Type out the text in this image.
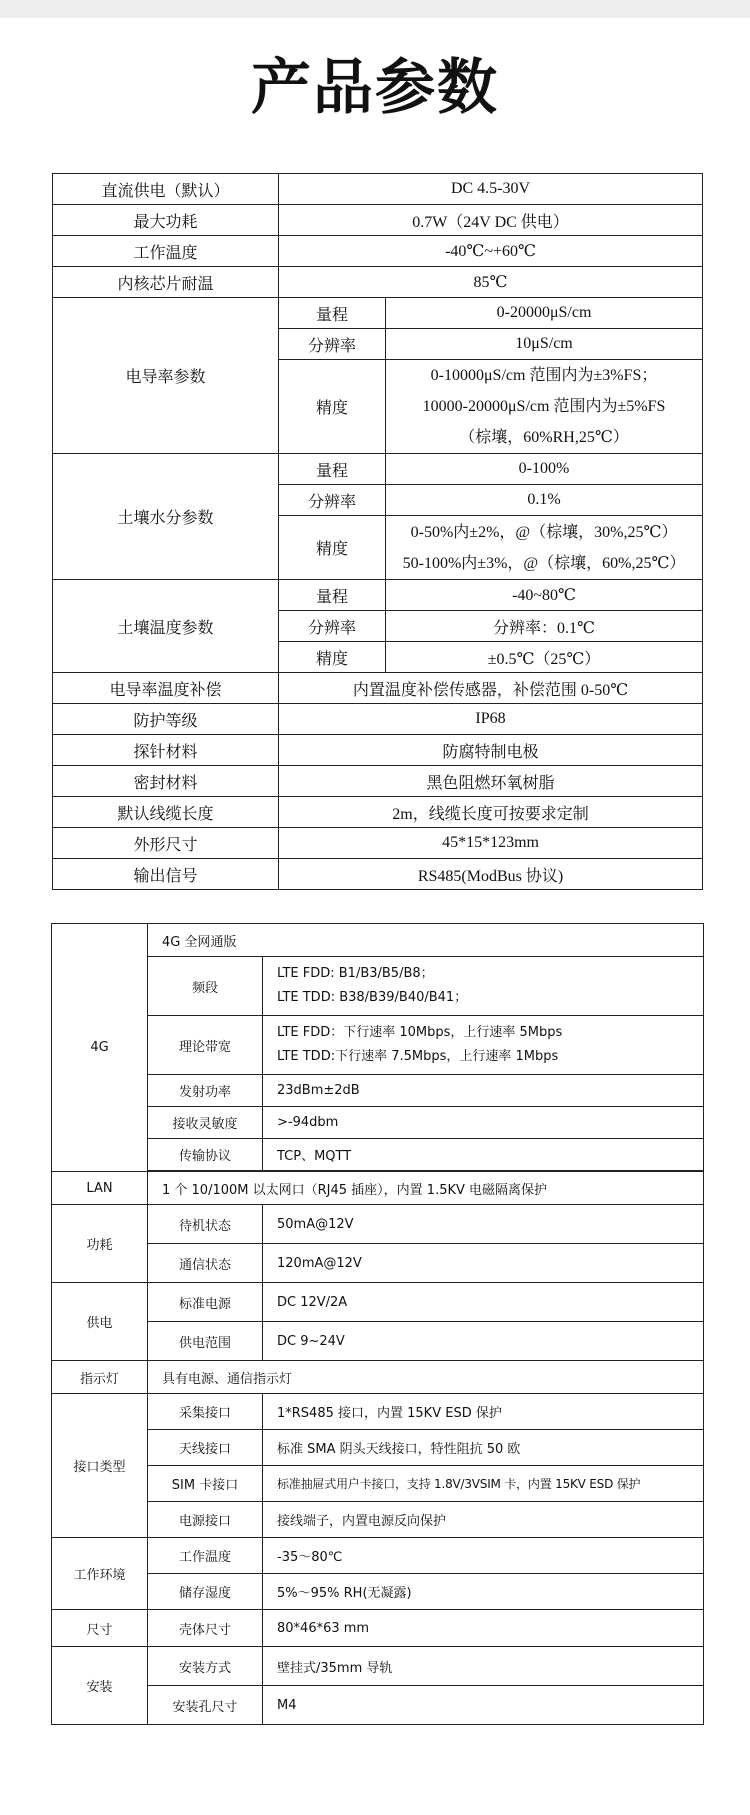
产品参数
直流供电（默认）	DC 4.5-30V	
最大功耗	0.7W（24V DC 供电）	
工作温度	-40℃~+60℃	
内核芯片耐温	85℃	
电导率参数	量程	0-20000μS/cm
	分辨率	10μS/cm
	精度	0-10000μS/cm 范围内为±3%FS；
10000-20000μS/cm 范围内为±5%FS
（棕壤，60%RH,25℃）

土壤水分参数	量程	0-100%
	分辨率	0.1%
	精度	0-50%内±2%，@（棕壤，30%,25℃）
50-100%内±3%，@（棕壤，60%,25℃）

土壤温度参数	量程	-40~80℃
	分辨率	分辨率：0.1℃
	精度	±0.5℃（25℃）
电导率温度补偿	内置温度补偿传感器，补偿范围 0-50℃	
防护等级	IP68	
探针材料	防腐特制电极	
密封材料	黑色阻燃环氧树脂	
默认线缆长度	2m，线缆长度可按要求定制	
外形尺寸	45*15*123mm	
输出信号	RS485(ModBus 协议)	
4G	4G 全网通版	
	频段	LTE FDD: B1/B3/B5/B8；
LTE TDD: B38/B39/B40/B41；

	理论带宽	LTE FDD：下行速率 10Mbps，上行速率 5Mbps
LTE TDD:下行速率 7.5Mbps，上行速率 1Mbps

	发射功率	23dBm±2dB
	接收灵敏度	>-94dbm
	传输协议	TCP、MQTT

LAN	1 个 10/100M 以太网口（RJ45 插座），内置 1.5KV 电磁隔离保护	
功耗	待机状态	50mA@12V
	通信状态	120mA@12V
供电	标准电源	DC 12V/2A
	供电范围	DC 9~24V
指示灯	具有电源、通信指示灯	
接口类型	采集接口	1*RS485 接口，内置 15KV ESD 保护
	天线接口	标准 SMA 阴头天线接口，特性阻抗 50 欧
	SIM 卡接口	标准抽屉式用户卡接口，支持 1.8V/3VSIM 卡，内置 15KV ESD 保护
	电源接口	接线端子，内置电源反向保护
工作环境	工作温度	-35～80℃
	储存湿度	5%～95% RH(无凝露)
尺寸	壳体尺寸	80*46*63 mm
安装	安装方式	壁挂式/35mm 导轨
	安装孔尺寸	M4
